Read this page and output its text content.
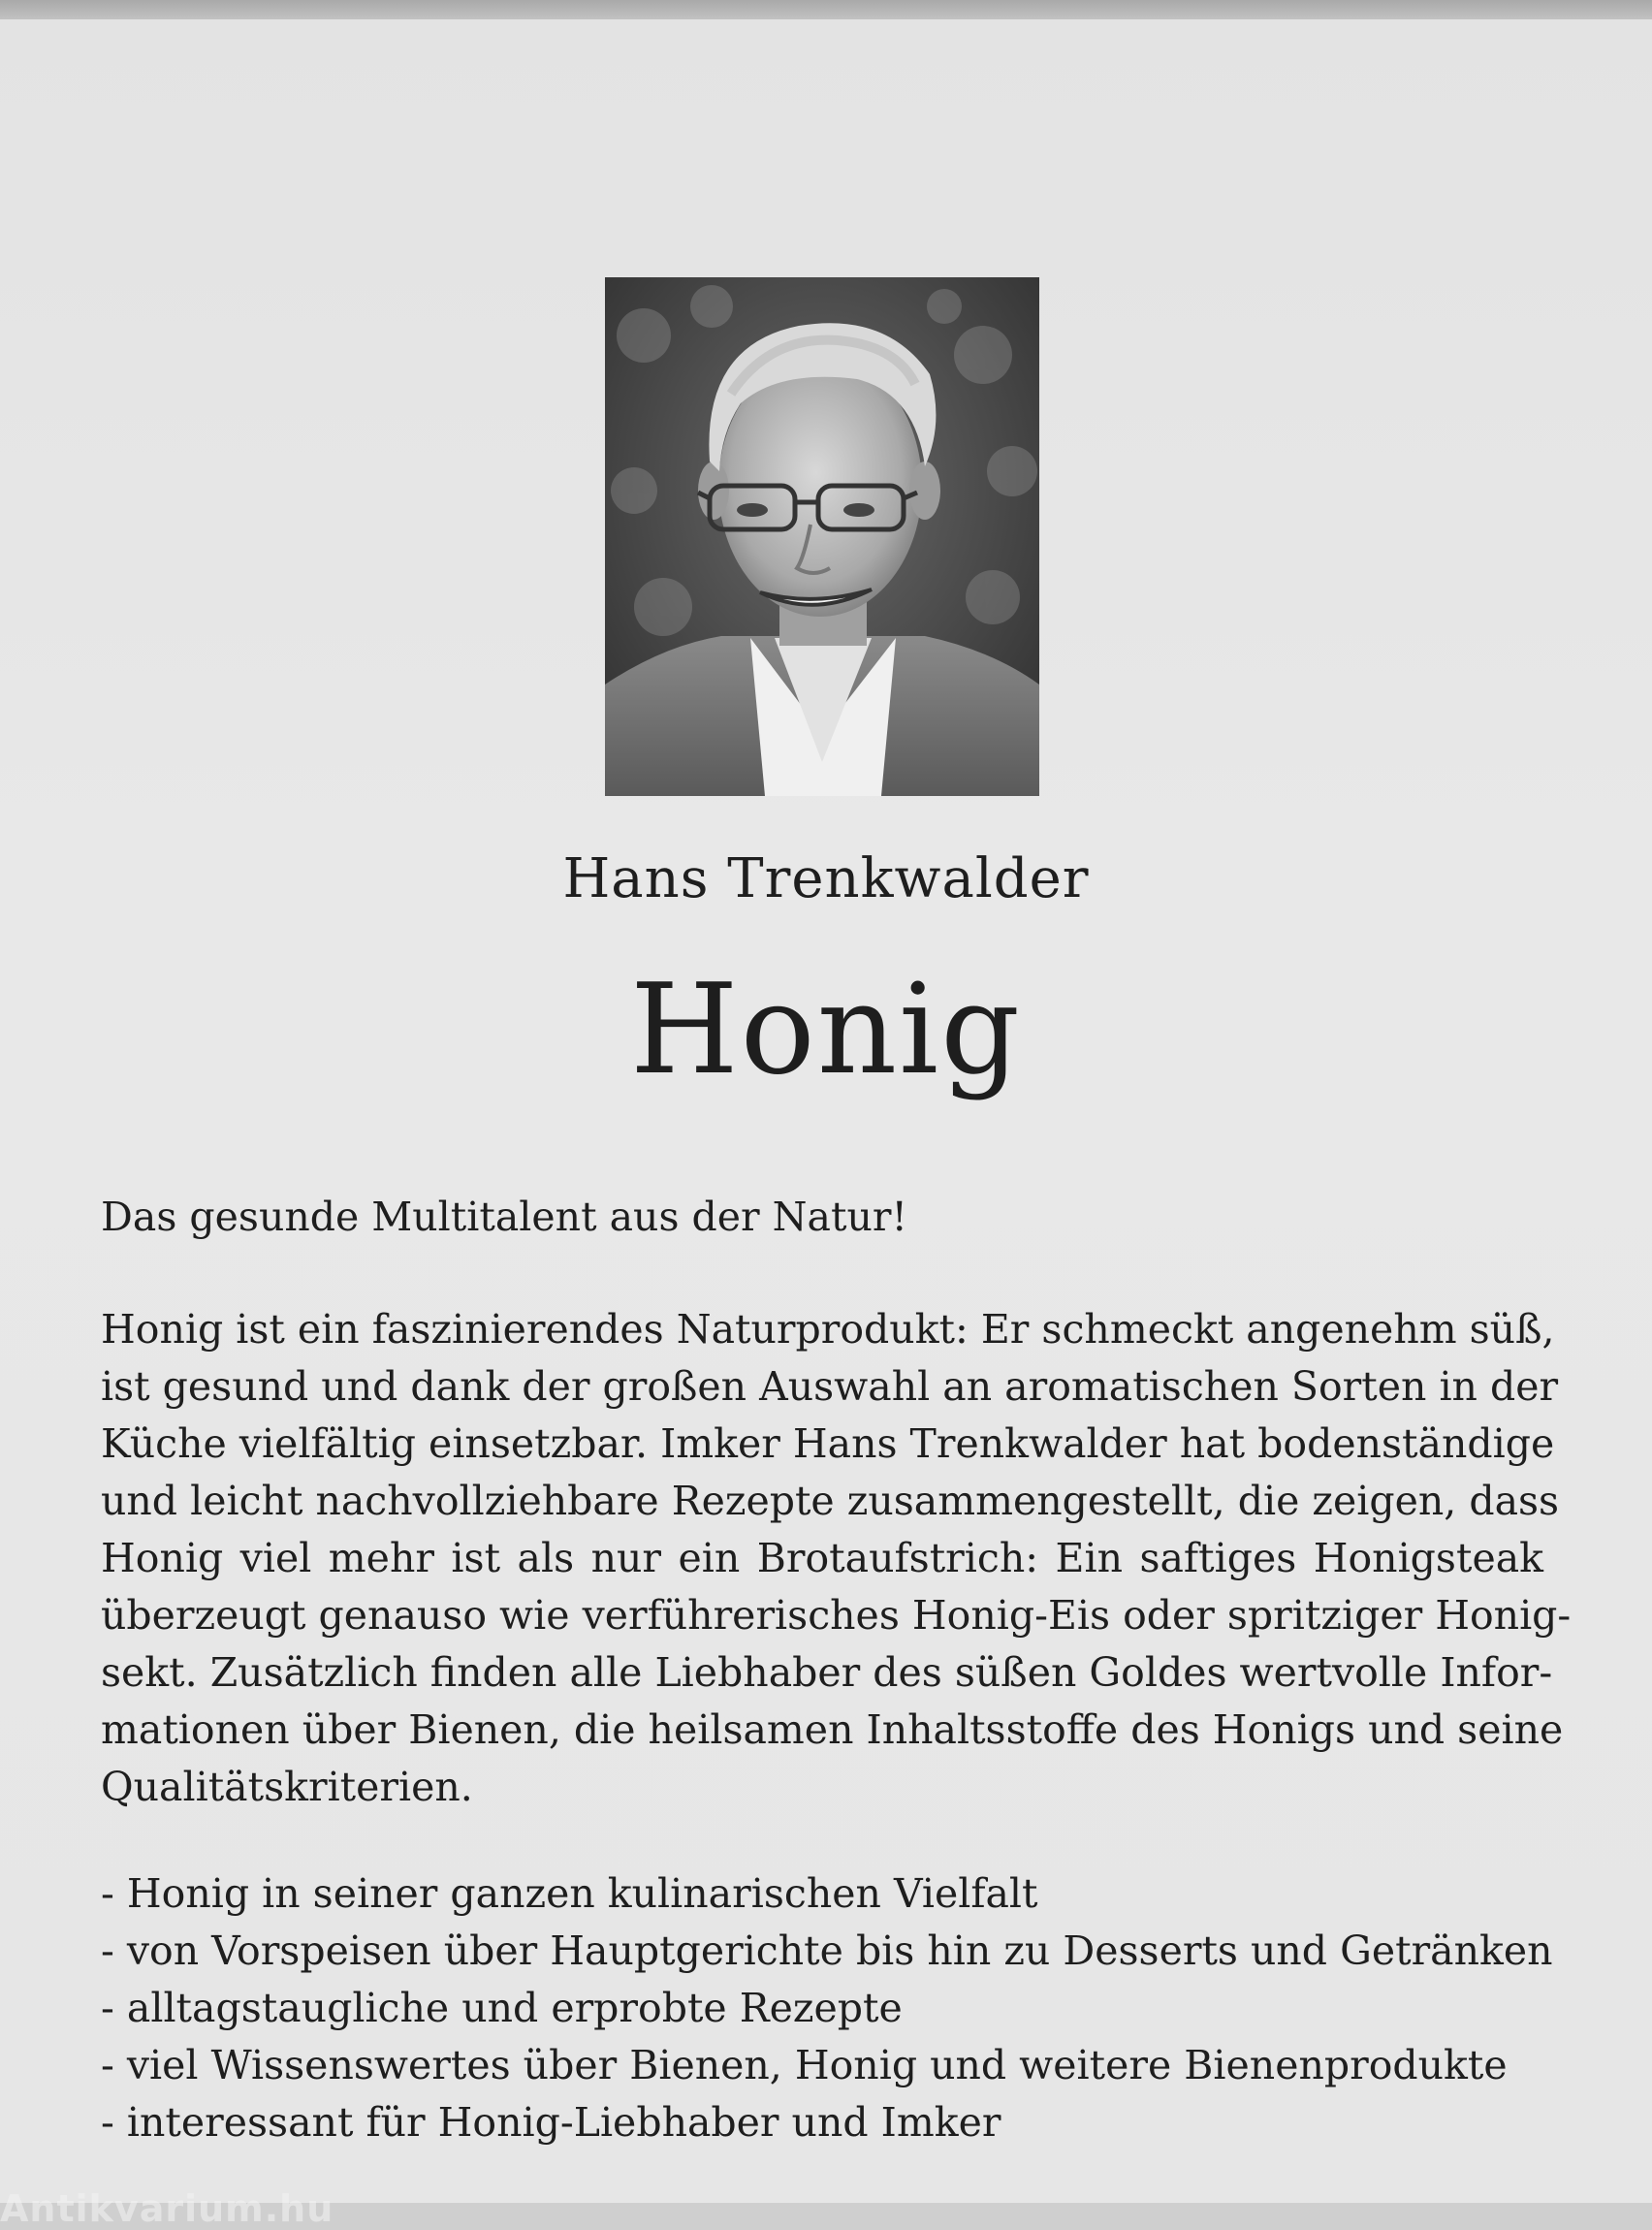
Hans Trenkwalder
Honig
Das gesunde Multitalent aus der Natur!
Honig ist ein faszinierendes Naturprodukt: Er schmeckt angenehm süß,
ist gesund und dank der großen Auswahl an aromatischen Sorten in der
Küche vielfältig einsetzbar. Imker Hans Trenkwalder hat bodenständige
und leicht nachvollziehbare Rezepte zusammengestellt, die zeigen, dass
Honig viel mehr ist als nur ein Brotaufstrich: Ein saftiges Honigsteak
überzeugt genauso wie verführerisches Honig-Eis oder spritziger Honig-
sekt. Zusätzlich finden alle Liebhaber des süßen Goldes wertvolle Infor-
mationen über Bienen, die heilsamen Inhaltsstoffe des Honigs und seine
Qualitätskriterien.
- Honig in seiner ganzen kulinarischen Vielfalt
- von Vorspeisen über Hauptgerichte bis hin zu Desserts und Getränken
- alltagstaugliche und erprobte Rezepte
- viel Wissenswertes über Bienen, Honig und weitere Bienenprodukte
- interessant für Honig-Liebhaber und Imker
Antikvarium.hu
